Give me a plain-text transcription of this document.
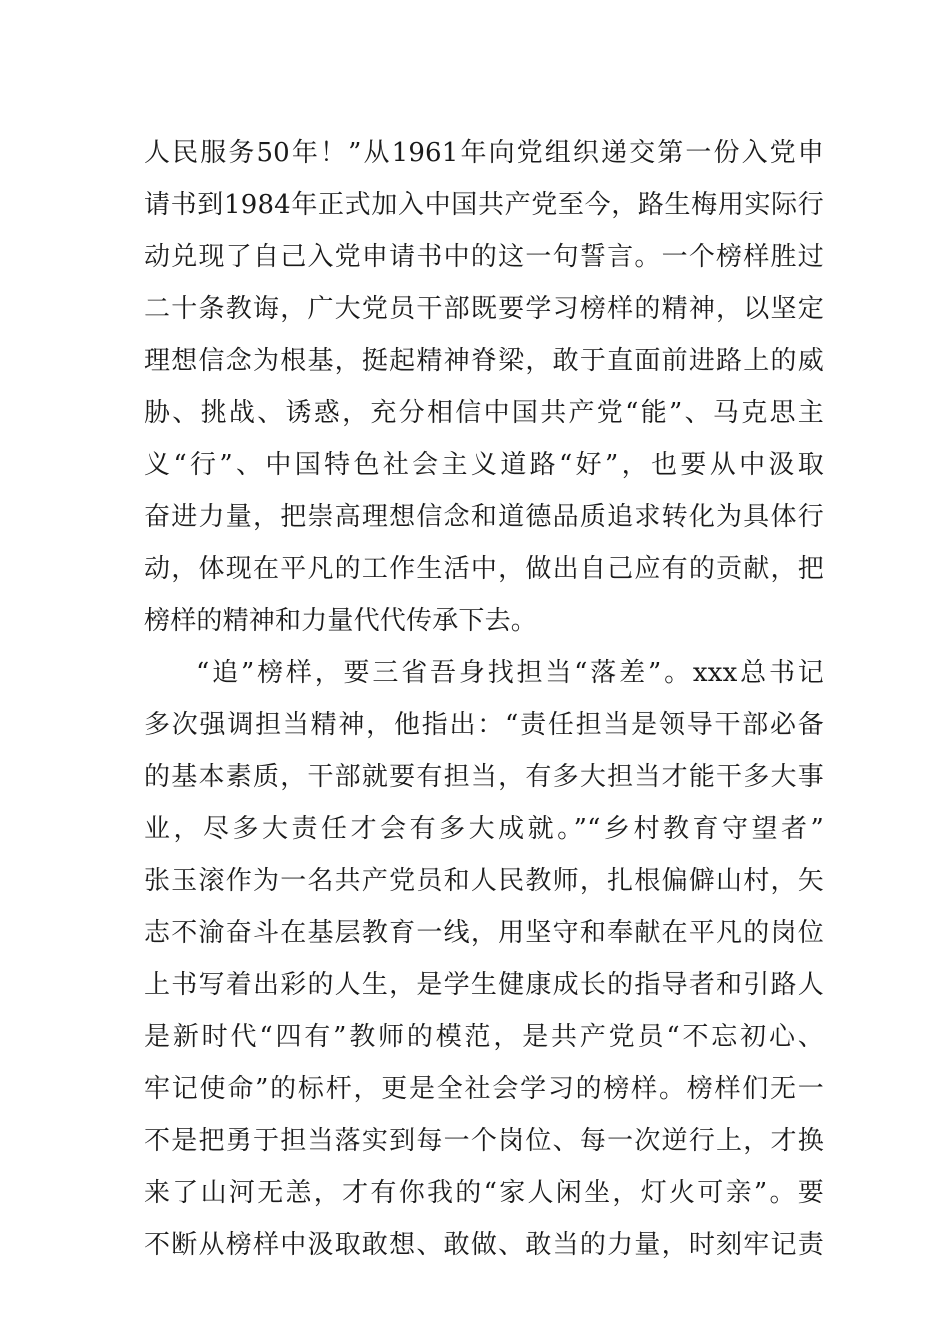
人民服务50年！”从1961年向党组织递交第一份入党申
请书到1984年正式加入中国共产党至今，路生梅用实际行
动兑现了自己入党申请书中的这一句誓言。一个榜样胜过
二十条教诲，广大党员干部既要学习榜样的精神，以坚定
理想信念为根基，挺起精神脊梁，敢于直面前进路上的威
胁、挑战、诱惑，充分相信中国共产党“能”、马克思主
义“行”、中国特色社会主义道路“好”，也要从中汲取
奋进力量，把崇高理想信念和道德品质追求转化为具体行
动，体现在平凡的工作生活中，做出自己应有的贡献，把
榜样的精神和力量代代传承下去。
“追”榜样，要三省吾身找担当“落差”。xxx总书记
多次强调担当精神，他指出：“责任担当是领导干部必备
的基本素质，干部就要有担当，有多大担当才能干多大事
业，尽多大责任才会有多大成就。”“乡村教育守望者”
张玉滚作为一名共产党员和人民教师，扎根偏僻山村，矢
志不渝奋斗在基层教育一线，用坚守和奉献在平凡的岗位
上书写着出彩的人生，是学生健康成长的指导者和引路人
是新时代“四有”教师的模范，是共产党员“不忘初心、
牢记使命”的标杆，更是全社会学习的榜样。榜样们无一
不是把勇于担当落实到每一个岗位、每一次逆行上，才换
来了山河无恙，才有你我的“家人闲坐，灯火可亲”。要
不断从榜样中汲取敢想、敢做、敢当的力量，时刻牢记责
